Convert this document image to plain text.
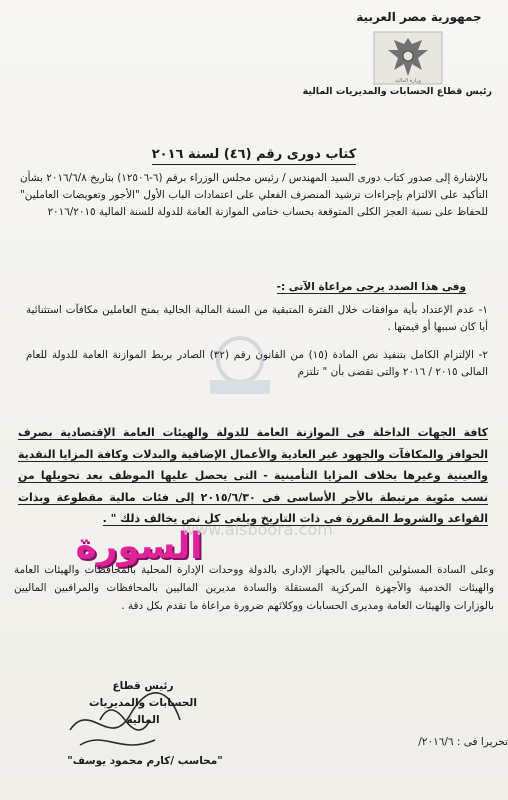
جمهورية مصر العربية
وزارة المالية
رئيس قطاع الحسابات والمديريات المالية
كتاب دورى رقم (٤٦) لسنة ٢٠١٦
بالإشارة إلى صدور كتاب دورى السيد المهندس / رئيس مجلس الوزراء برقم (٦-١٢٥٠٦) بتاريخ ٢٠١٦/٦/٨ بشأن التأكيد على الالتزام بإجراءات ترشيد المنصرف الفعلي على اعتمادات الباب الأول "الأجور وتعويضات العاملين" للحفاظ على نسبة العجز الكلى المتوقعة بحساب ختامى الموازنة العامة للدولة للسنة المالية ٢٠١٦/٢٠١٥
وفى هذا الصدد يرجى مراعاة الآتى :-
١- عدم الإعتداد بأية موافقات خلال الفترة المتبقية من السنة المالية الحالية بمنح العاملين مكافآت استثنائية أيا كان سببها أو قيمتها .
٢- الإلتزام الكامل بتنفيذ نص المادة (١٥) من القانون رقم (٣٢) الصادر بربط الموازنة العامة للدولة للعام المالى ٢٠١٥ / ٢٠١٦ والتى تقضى بأن " تلتزم
كافة الجهات الداخلة فى الموازنة العامة للدولة والهيئات العامة الإقتصادية بصرف الحوافز والمكافآت والجهود غير العادية والأعمال الإضافية والبدلات وكافة المزايا النقدية والعينية وغيرها بخلاف المزايا التأمينية - التى يحصل عليها الموظف بعد تحويلها من نسب مئوية مرتبطة بالأجر الأساسى فى ٢٠١٥/٦/٣٠ إلى فئات مالية مقطوعة وبذات القواعد والشروط المقررة فى ذات التاريخ ويلغى كل نص يخالف ذلك " .
السورة
www.alsboora.com
وعلى السادة المسئولين الماليين بالجهاز الإدارى بالدولة ووحدات الإدارة المحلية بالمحافظات والهيئات العامة والهيئات الخدمية والأجهزة المركزية المستقلة والسادة مديرين الماليين بالمحافظات والمراقبين الماليين بالوزارات والهيئات العامة ومديرى الحسابات ووكلائهم ضرورة مراعاة ما تقدم بكل دقة .
رئيس قطاع
الحسابات والمديريات المالية
"محاسب /كارم محمود يوسف"
تحريرا فى : ٢٠١٦/٦/
